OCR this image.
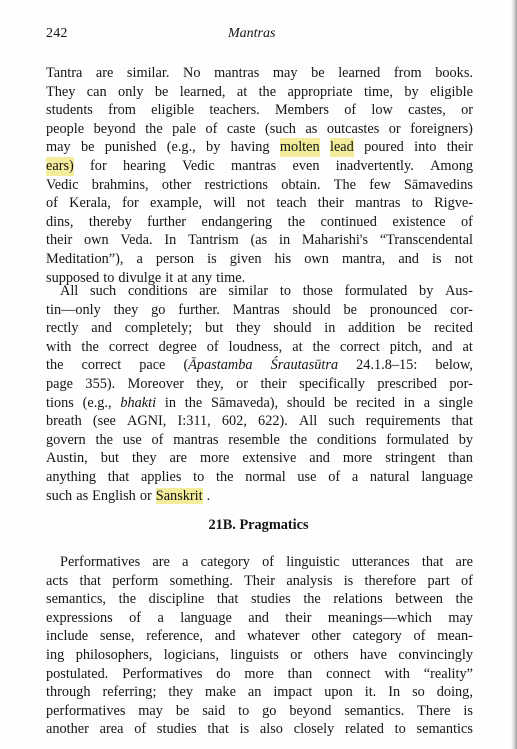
242	Mantras
Tantra are similar. No mantras may be learned from books.
They can only be learned, at the appropriate time, by eligible
students from eligible teachers. Members of low castes, or
people beyond the pale of caste (such as outcastes or foreigners)
may be punished (e.g., by having molten lead poured into their
ears) for hearing Vedic mantras even inadvertently. Among
Vedic brahmins, other restrictions obtain. The few Sāmavedins
of Kerala, for example, will not teach their mantras to Rigve-
dins, thereby further endangering the continued existence of
their own Veda. In Tantrism (as in Maharishi's “Transcendental
Meditation”), a person is given his own mantra, and is not
supposed to divulge it at any time.
All such conditions are similar to those formulated by Aus-
tin—only they go further. Mantras should be pronounced cor-
rectly and completely; but they should in addition be recited
with the correct degree of loudness, at the correct pitch, and at
the correct pace (Āpastamba Śrautasūtra 24.1.8–15: below,
page 355). Moreover they, or their specifically prescribed por-
tions (e.g., bhakti in the Sāmaveda), should be recited in a single
breath (see AGNI, I:311, 602, 622). All such requirements that
govern the use of mantras resemble the conditions formulated by
Austin, but they are more extensive and more stringent than
anything that applies to the normal use of a natural language
such as English or Sanskrit .
21B. Pragmatics
Performatives are a category of linguistic utterances that are
acts that perform something. Their analysis is therefore part of
semantics, the discipline that studies the relations between the
expressions of a language and their meanings—which may
include sense, reference, and whatever other category of mean-
ing philosophers, logicians, linguists or others have convincingly
postulated. Performatives do more than connect with “reality”
through referring; they make an impact upon it. In so doing,
performatives may be said to go beyond semantics. There is
another area of studies that is also closely related to semantics
